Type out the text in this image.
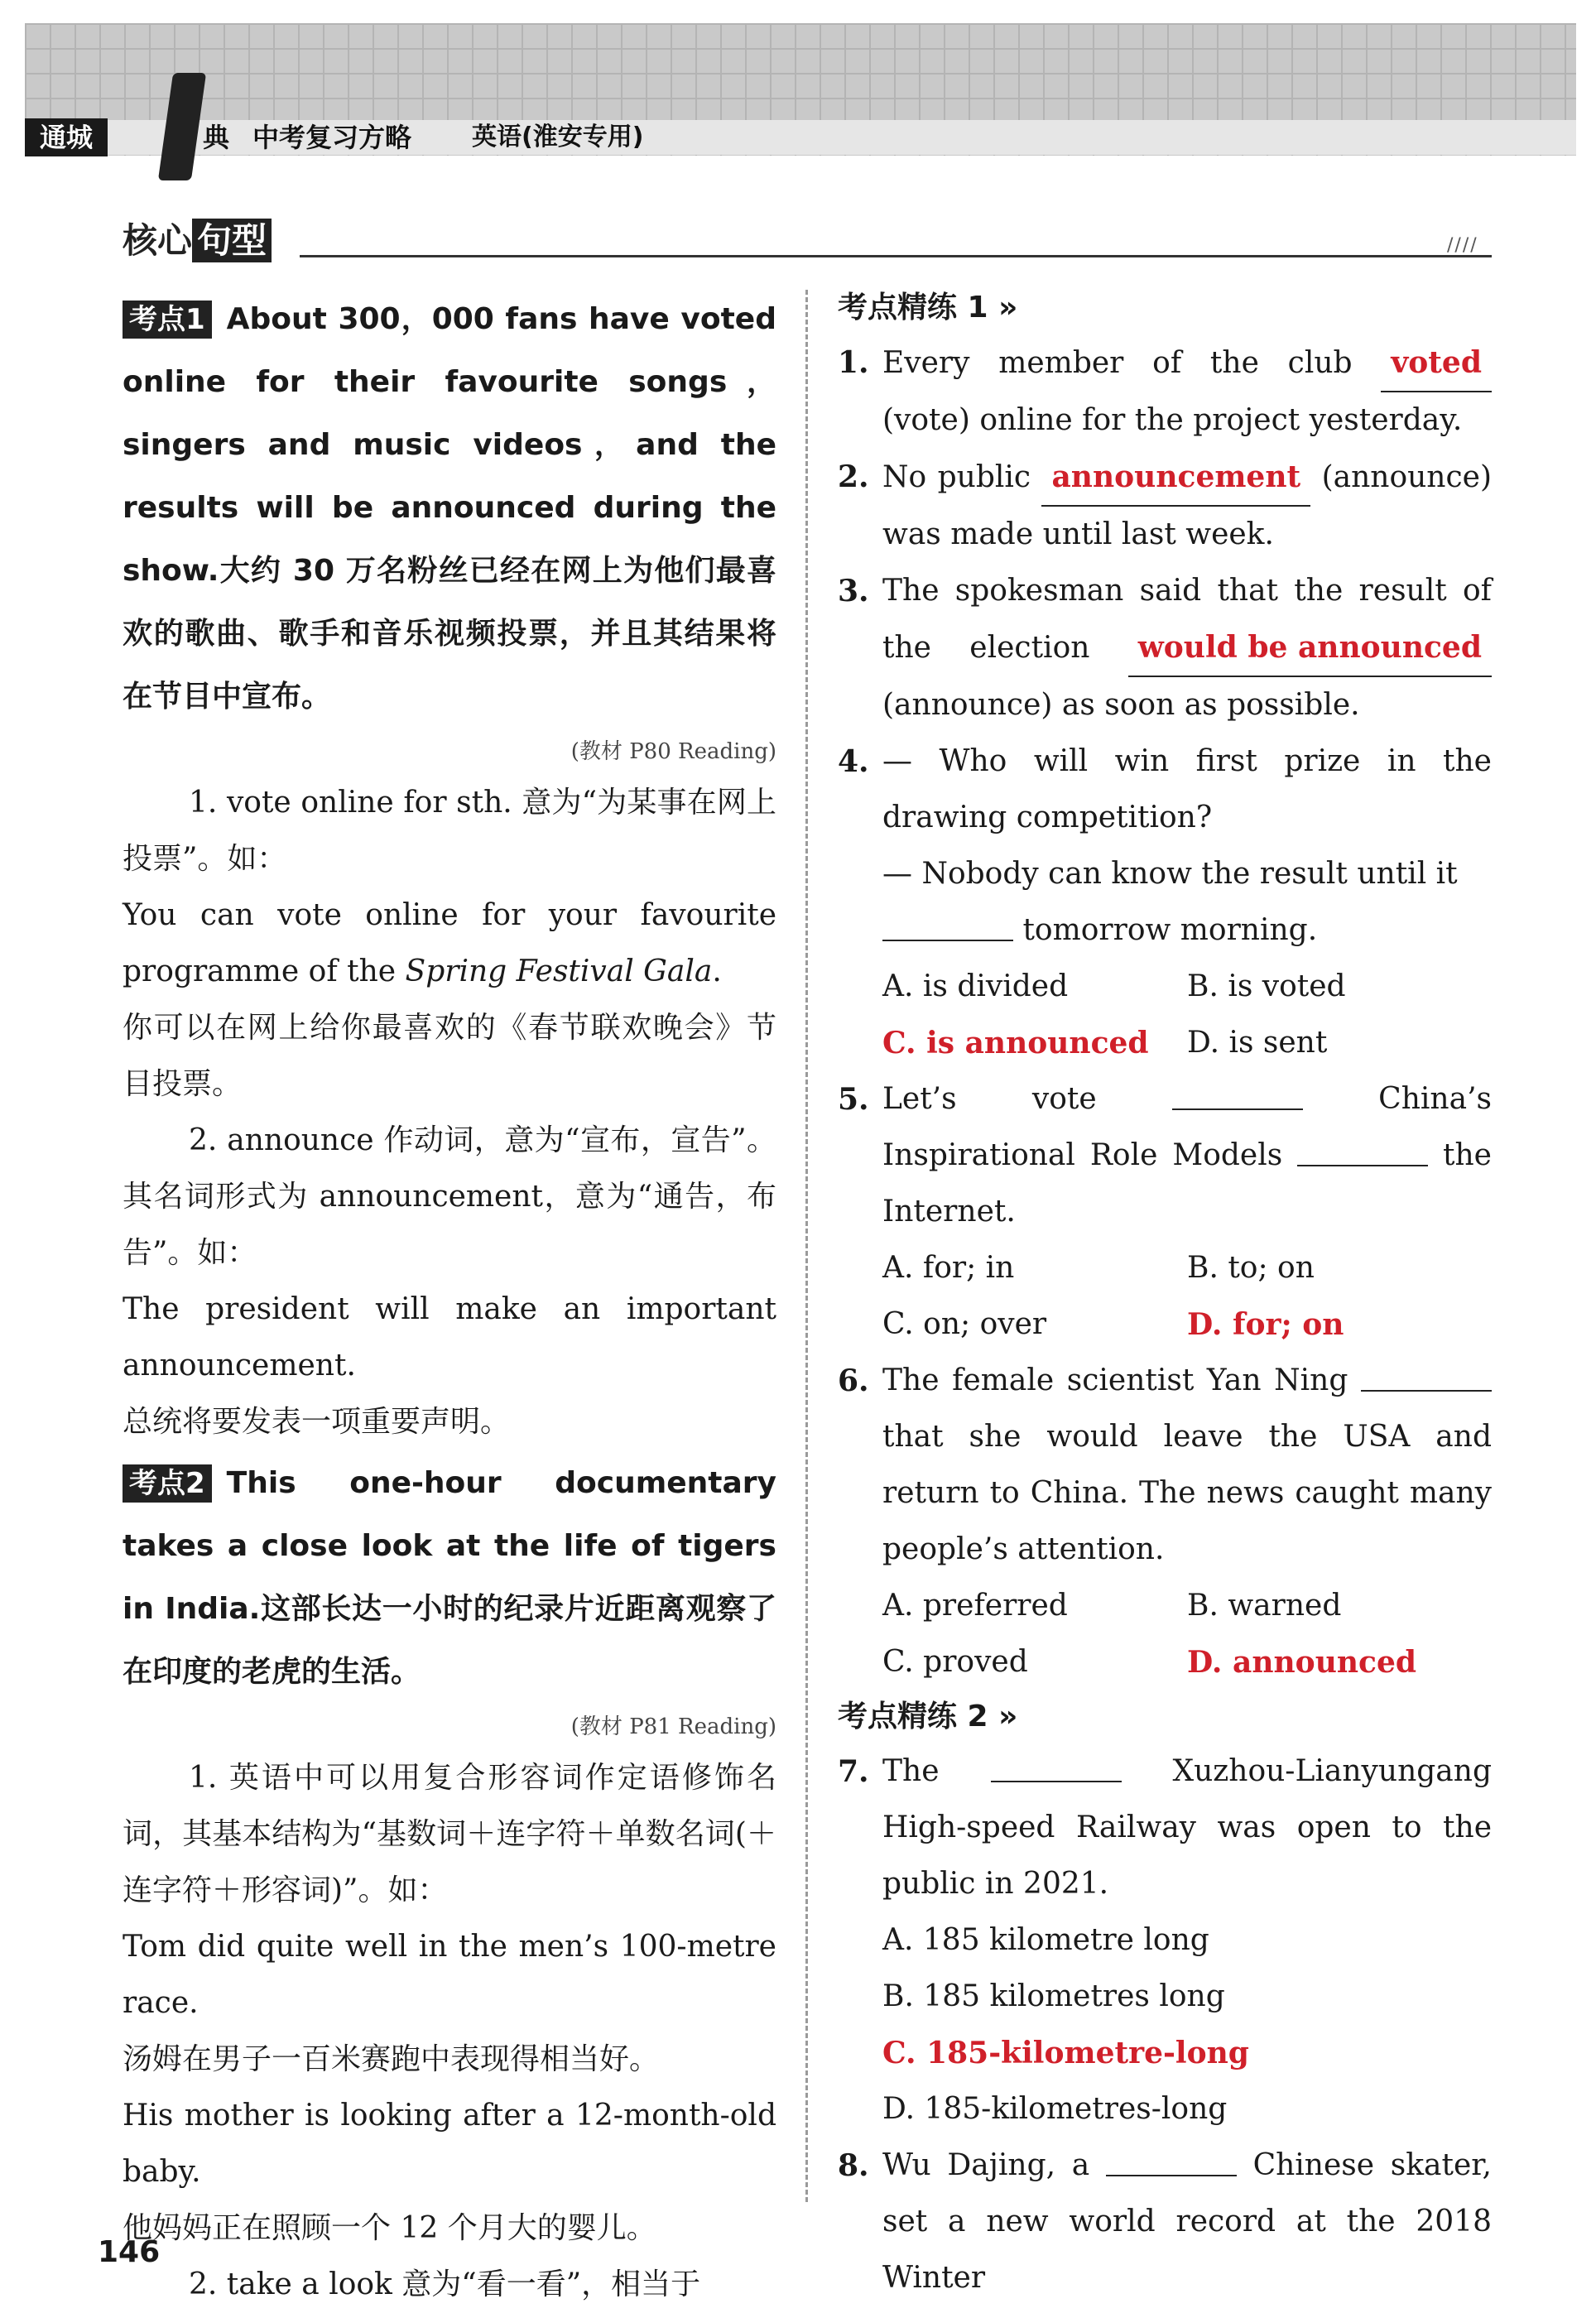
通城	典 中考复习方略 英语(淮安专用)
核心 句型	////
考点1 About 300，000 fans have voted online for their favourite songs，singers and music videos，and the results will be announced during the show.大约 30 万名粉丝已经在网上为他们最喜欢的歌曲、歌手和音乐视频投票，并且其结果将在节目中宣布。
(教材 P80 Reading)
1. vote online for sth. 意为“为某事在网上投票”。如：
You can vote online for your favourite programme of the Spring Festival Gala.
你可以在网上给你最喜欢的《春节联欢晚会》节目投票。
2. announce 作动词，意为“宣布，宣告”。其名词形式为 announcement，意为“通告，布告”。如：
The president will make an important announcement.
总统将要发表一项重要声明。
考点2 This one-hour documentary takes a close look at the life of tigers in India.这部长达一小时的纪录片近距离观察了在印度的老虎的生活。
(教材 P81 Reading)
1. 英语中可以用复合形容词作定语修饰名词，其基本结构为“基数词＋连字符＋单数名词(＋连字符＋形容词)”。如：
Tom did quite well in the men’s 100-metre race.
汤姆在男子一百米赛跑中表现得相当好。
His mother is looking after a 12-month-old baby.
他妈妈正在照顾一个 12 个月大的婴儿。
2. take a look 意为“看一看”，相当于
考点精练 1 »
1. Every member of the club voted (vote) online for the project yesterday.
2. No public announcement (announce) was made until last week.
3. The spokesman said that the result of the election would be announced (announce) as soon as possible.
4. — Who will win first prize in the drawing competition?
— Nobody can know the result until it
tomorrow morning.
A. is divided	B. is voted
C. is announced	D. is sent
5. Let’s vote	China’s Inspirational Role Models	the Internet.
A. for; in	B. to; on
C. on; over	D. for; on
6. The female scientist Yan Ning  that she would leave the USA and return to China. The news caught many people’s attention.
A. preferred	B. warned
C. proved	D. announced
考点精练 2 »
7. The	Xuzhou-Lianyungang High-speed Railway was open to the public in 2021.
A. 185 kilometre long
B. 185 kilometres long
C. 185-kilometre-long
D. 185-kilometres-long
8. Wu Dajing, a	Chinese skater, set a new world record at the 2018 Winter
146
